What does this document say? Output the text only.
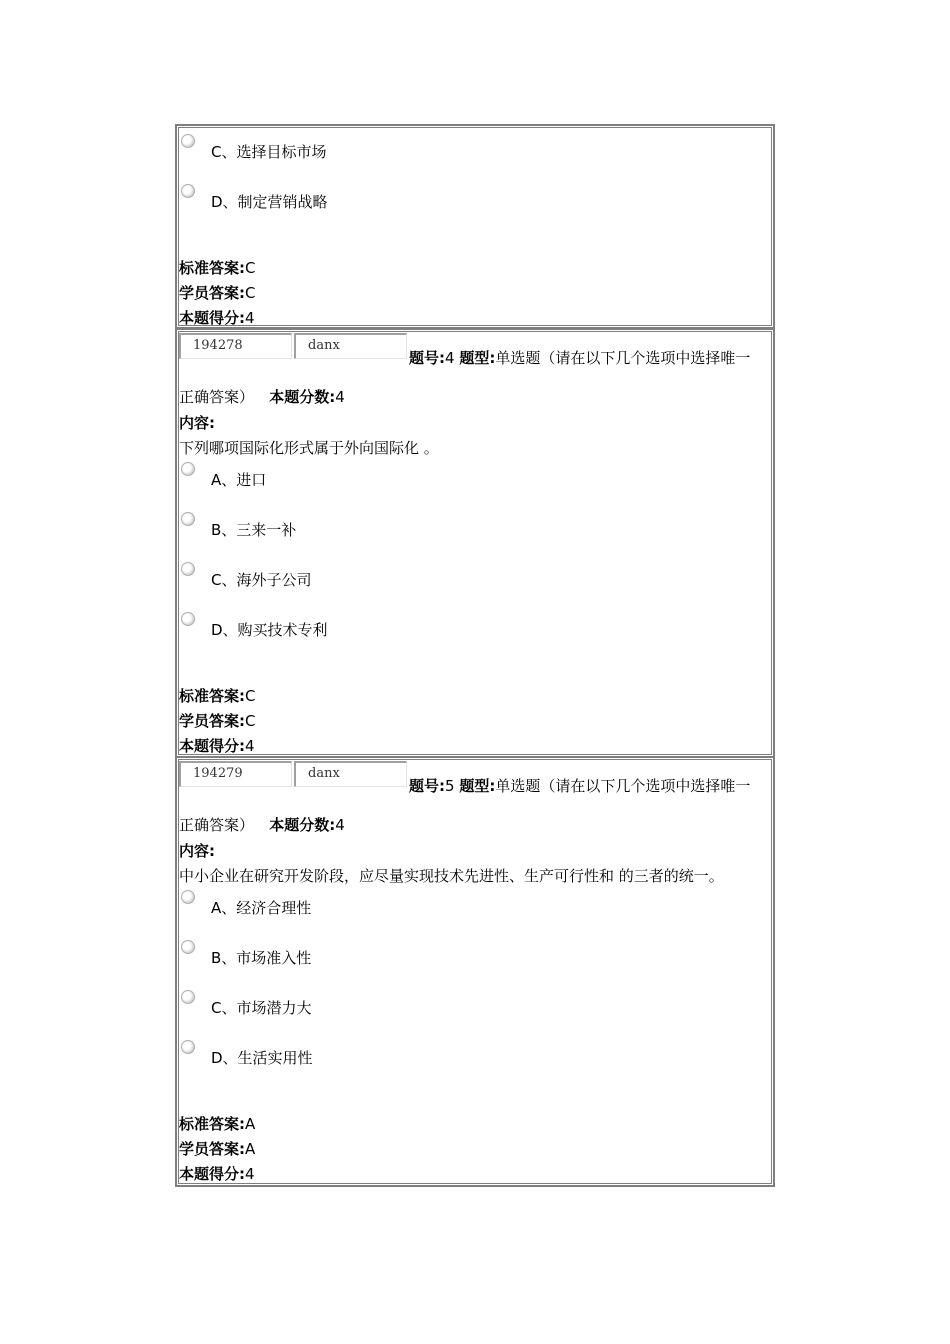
C、选择目标市场
D、制定营销战略
标准答案:C
学员答案:C
本题得分:4
194278	danx
题号:4 题型:单选题（请在以下几个选项中选择唯一
正确答案） 本题分数:4
内容:
下列哪项国际化形式属于外向国际化 。
A、进口
B、三来一补
C、海外子公司
D、购买技术专利
标准答案:C
学员答案:C
本题得分:4
194279	danx
题号:5 题型:单选题（请在以下几个选项中选择唯一
正确答案） 本题分数:4
内容:
中小企业在研究开发阶段，应尽量实现技术先进性、生产可行性和 的三者的统一。
A、经济合理性
B、市场准入性
C、市场潜力大
D、生活实用性
标准答案:A
学员答案:A
本题得分:4
